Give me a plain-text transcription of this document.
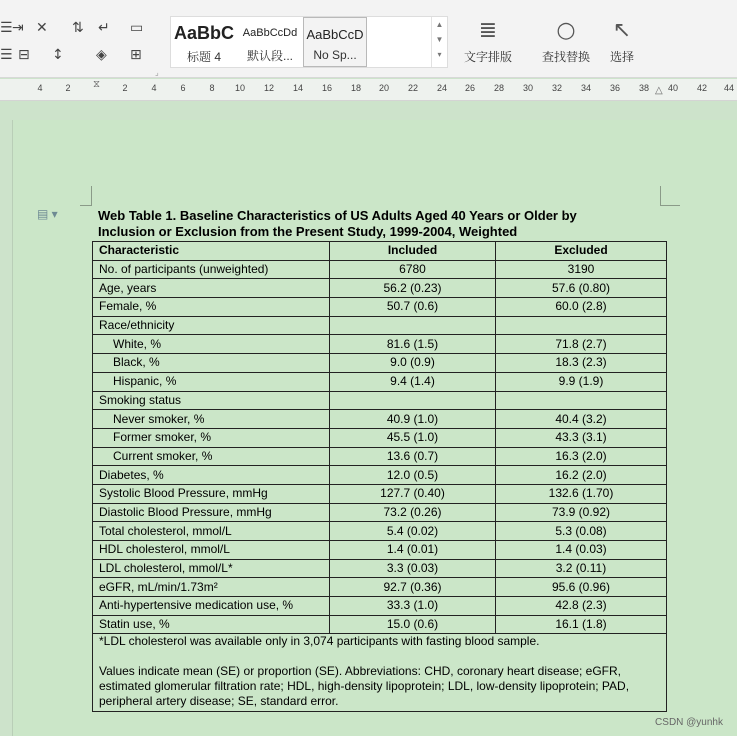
☰ ⇥ ✕ ⇅ ↵ ▭
☰ ⊟ ↕ ◈ ⊞
⌟
AaBbC
标题 4
AaBbCcDd
默认段...
AaBbCcD
No Sp...
▲
▼
▾
≣
文字排版
○
查找替换
↖
选择
4	2	2	4	6	8 10 12 14 16 18 20 22 24 26 28 30 32 34 36 38 40 42 44
⧖
△
▤ ▾	Web Table 1. Baseline Characteristics of US Adults Aged 40 Years or Older by
Inclusion or Exclusion from the Present Study, 1999-2004, Weighted
Characteristic	Included	Excluded
No. of participants (unweighted)	6780	3190
Age, years	56.2 (0.23)	57.6 (0.80)
Female, %	50.7 (0.6)	60.0 (2.8)
Race/ethnicity		
White, %	81.6 (1.5)	71.8 (2.7)
Black, %	9.0 (0.9)	18.3 (2.3)
Hispanic, %	9.4 (1.4)	9.9 (1.9)
Smoking status		
Never smoker, %	40.9 (1.0)	40.4 (3.2)
Former smoker, %	45.5 (1.0)	43.3 (3.1)
Current smoker, %	13.6 (0.7)	16.3 (2.0)
Diabetes, %	12.0 (0.5)	16.2 (2.0)
Systolic Blood Pressure, mmHg	127.7 (0.40)	132.6 (1.70)
Diastolic Blood Pressure, mmHg	73.2 (0.26)	73.9 (0.92)
Total cholesterol, mmol/L	5.4 (0.02)	5.3 (0.08)
HDL cholesterol, mmol/L	1.4 (0.01)	1.4 (0.03)
LDL cholesterol, mmol/L*	3.3 (0.03)	3.2 (0.11)
eGFR, mL/min/1.73m²	92.7 (0.36)	95.6 (0.96)
Anti-hypertensive medication use, %	33.3 (1.0)	42.8 (2.3)
Statin use, %	15.0 (0.6)	16.1 (1.8)

*LDL cholesterol was available only in 3,074 participants with fasting blood sample.

Values indicate mean (SE) or proportion (SE). Abbreviations: CHD, coronary heart disease; eGFR, estimated glomerular filtration rate; HDL, high-density lipoprotein; LDL, low-density lipoprotein; PAD, peripheral artery disease; SE, standard error.

CSDN @yunhk
